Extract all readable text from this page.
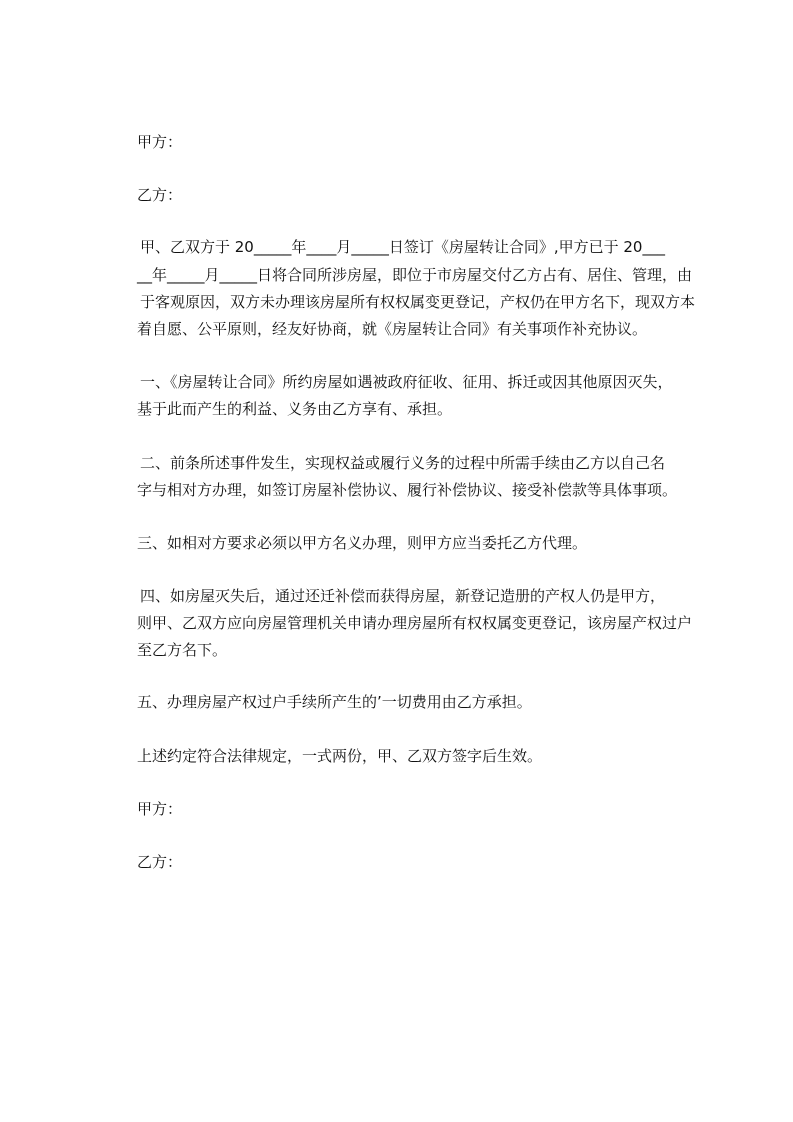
甲方：
乙方：
甲、乙双方于 20_____年____月_____日签订《房屋转让合同》,甲方已于 20___
__年_____月_____日将合同所涉房屋，即位于市房屋交付乙方占有、居住、管理，由
于客观原因，双方未办理该房屋所有权权属变更登记，产权仍在甲方名下，现双方本
着自愿、公平原则，经友好协商，就《房屋转让合同》有关事项作补充协议。
一、《房屋转让合同》所约房屋如遇被政府征收、征用、拆迁或因其他原因灭失，
基于此而产生的利益、义务由乙方享有、承担。
二、前条所述事件发生，实现权益或履行义务的过程中所需手续由乙方以自己名
字与相对方办理，如签订房屋补偿协议、履行补偿协议、接受补偿款等具体事项。
三、如相对方要求必须以甲方名义办理，则甲方应当委托乙方代理。
四、如房屋灭失后，通过还迁补偿而获得房屋，新登记造册的产权人仍是甲方，
则甲、乙双方应向房屋管理机关申请办理房屋所有权权属变更登记，该房屋产权过户
至乙方名下。
五、办理房屋产权过户手续所产生的’一切费用由乙方承担。
上述约定符合法律规定，一式两份，甲、乙双方签字后生效。
甲方：
乙方：
